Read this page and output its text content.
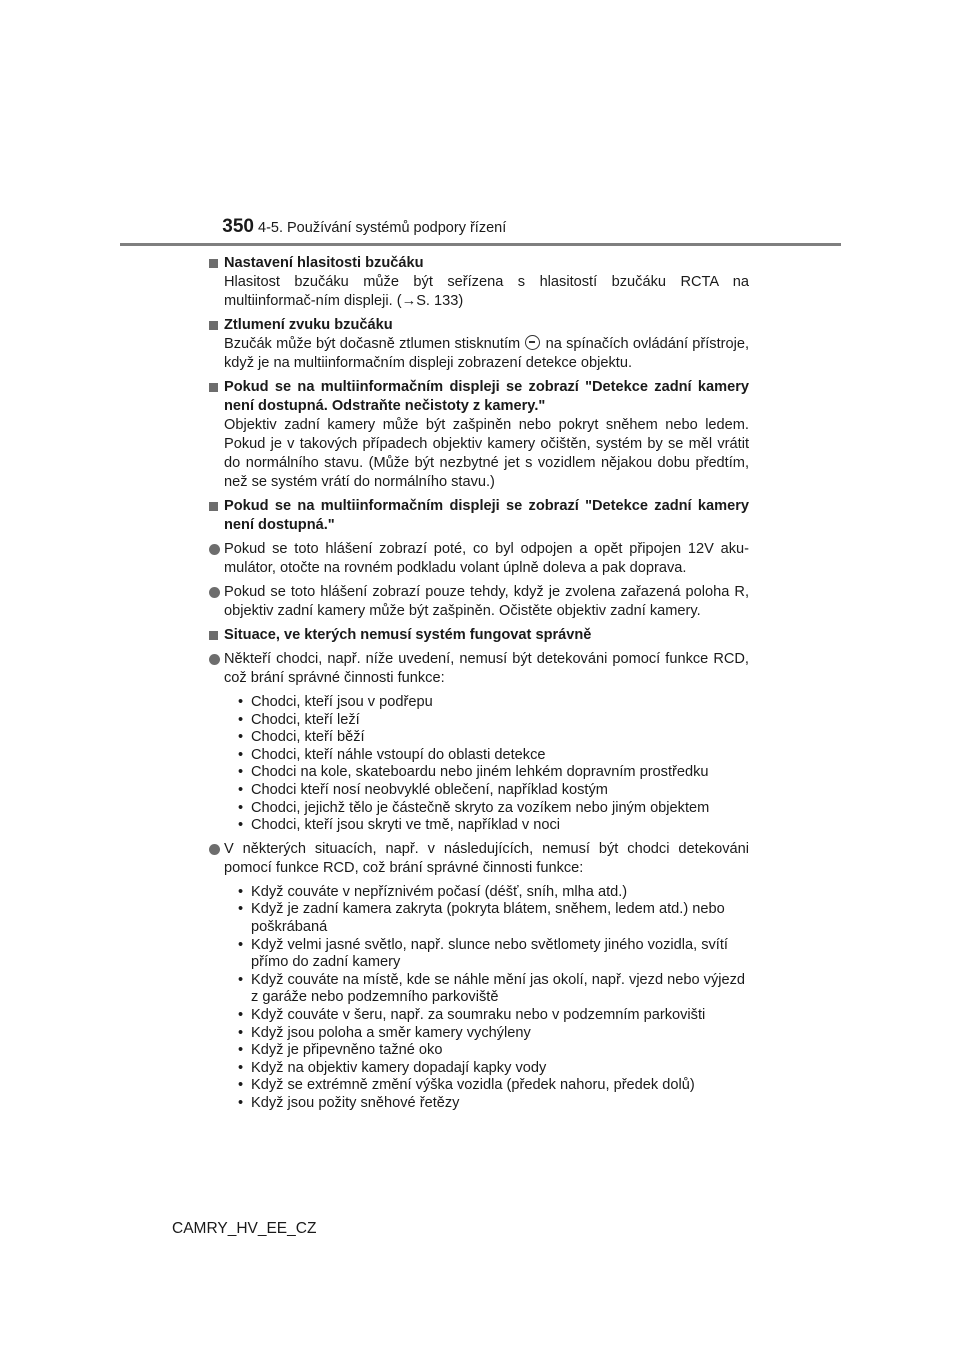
350 4-5. Používání systémů podpory řízení
Nastavení hlasitosti bzučáku

Hlasitost bzučáku může být seřízena s hlasitostí bzučáku RCTA na multiinformač-ním displeji. (→S. 133)

Ztlumení zvuku bzučáku

Bzučák může být dočasně ztlumen stisknutím na spínačích ovládání přístroje, když je na multiinformačním displeji zobrazení detekce objektu.

Pokud se na multiinformačním displeji se zobrazí "Detekce zadní kamery není dostupná. Odstraňte nečistoty z kamery."

Objektiv zadní kamery může být zašpiněn nebo pokryt sněhem nebo ledem. Pokud je v takových případech objektiv kamery očištěn, systém by se měl vrátit do normálního stavu. (Může být nezbytné jet s vozidlem nějakou dobu předtím, než se systém vrátí do normálního stavu.)

Pokud se na multiinformačním displeji se zobrazí "Detekce zadní kamery není dostupná."
Pokud se toto hlášení zobrazí poté, co byl odpojen a opět připojen 12V aku-mulátor, otočte na rovném podkladu volant úplně doleva a pak doprava.
Pokud se toto hlášení zobrazí pouze tehdy, když je zvolena zařazená poloha R, objektiv zadní kamery může být zašpiněn. Očistěte objektiv zadní kamery.
Situace, ve kterých nemusí systém fungovat správně
Někteří chodci, např. níže uvedení, nemusí být detekováni pomocí funkce RCD, což brání správné činnosti funkce:
• Chodci, kteří jsou v podřepu
• Chodci, kteří leží
• Chodci, kteří běží
• Chodci, kteří náhle vstoupí do oblasti detekce
• Chodci na kole, skateboardu nebo jiném lehkém dopravním prostředku
• Chodci kteří nosí neobvyklé oblečení, například kostým
• Chodci, jejichž tělo je částečně skryto za vozíkem nebo jiným objektem
• Chodci, kteří jsou skryti ve tmě, například v noci
V některých situacích, např. v následujících, nemusí být chodci detekováni pomocí funkce RCD, což brání správné činnosti funkce:
• Když couváte v nepříznivém počasí (déšť, sníh, mlha atd.)
• Když je zadní kamera zakryta (pokryta blátem, sněhem, ledem atd.) nebo poškrábaná
• Když velmi jasné světlo, např. slunce nebo světlomety jiného vozidla, svítí přímo do zadní kamery
• Když couváte na místě, kde se náhle mění jas okolí, např. vjezd nebo výjezd z garáže nebo podzemního parkoviště
• Když couváte v šeru, např. za soumraku nebo v podzemním parkovišti
• Když jsou poloha a směr kamery vychýleny
• Když je připevněno tažné oko
• Když na objektiv kamery dopadají kapky vody
• Když se extrémně změní výška vozidla (předek nahoru, předek dolů)
• Když jsou požity sněhové řetězy
CAMRY_HV_EE_CZ
